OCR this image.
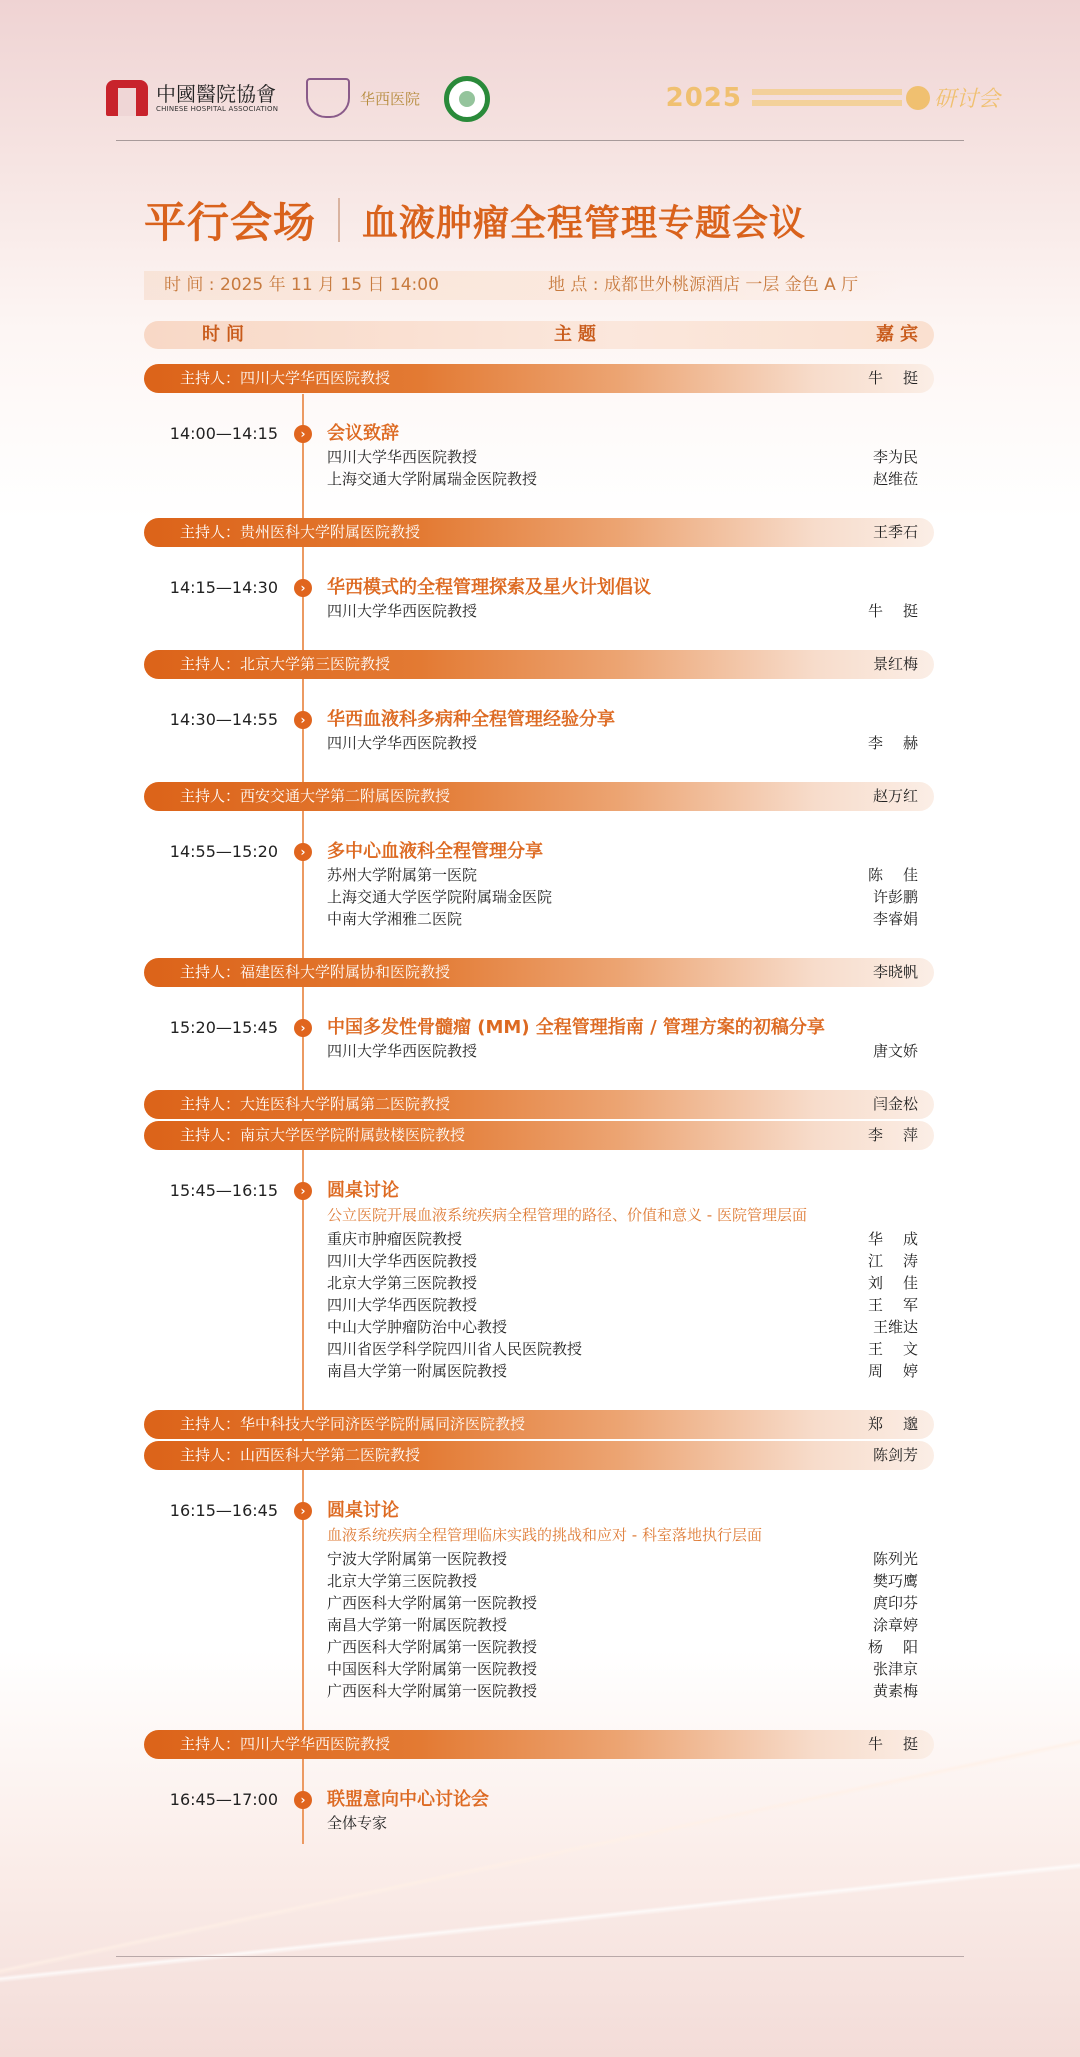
中國醫院協會
CHINESE HOSPITAL ASSOCIATION
华西医院	2025	研讨会
平行会场 血液肿瘤全程管理专题会议
时 间 : 2025 年 11 月 15 日 14:00	地 点 : 成都世外桃源酒店 一层 金色 A 厅
时间	主题	嘉宾
主持人：四川大学华西医院教授	牛 挺
14:00—14:15	›	会议致辞
四川大学华西医院教授	李为民
上海交通大学附属瑞金医院教授	赵维莅
主持人：贵州医科大学附属医院教授	王季石
14:15—14:30	›	华西模式的全程管理探索及星火计划倡议
四川大学华西医院教授	牛 挺
主持人：北京大学第三医院教授	景红梅
14:30—14:55	›	华西血液科多病种全程管理经验分享
四川大学华西医院教授	李 赫
主持人：西安交通大学第二附属医院教授	赵万红
14:55—15:20	›	多中心血液科全程管理分享
苏州大学附属第一医院	陈 佳
上海交通大学医学院附属瑞金医院	许彭鹏
中南大学湘雅二医院	李睿娟
主持人：福建医科大学附属协和医院教授	李晓帆
15:20—15:45	›	中国多发性骨髓瘤 (MM) 全程管理指南 / 管理方案的初稿分享
四川大学华西医院教授	唐文娇
主持人：大连医科大学附属第二医院教授	闫金松
主持人：南京大学医学院附属鼓楼医院教授	李 萍
15:45—16:15	›	圆桌讨论
公立医院开展血液系统疾病全程管理的路径、价值和意义 - 医院管理层面
重庆市肿瘤医院教授	华 成
四川大学华西医院教授	江 涛
北京大学第三医院教授	刘 佳
四川大学华西医院教授	王 军
中山大学肿瘤防治中心教授	王维达
四川省医学科学院四川省人民医院教授	王 文
南昌大学第一附属医院教授	周 婷
主持人：华中科技大学同济医学院附属同济医院教授	郑 邈
主持人：山西医科大学第二医院教授	陈剑芳
16:15—16:45	›	圆桌讨论
血液系统疾病全程管理临床实践的挑战和应对 - 科室落地执行层面
宁波大学附属第一医院教授	陈列光
北京大学第三医院教授	樊巧鹰
广西医科大学附属第一医院教授	庹印芬
南昌大学第一附属医院教授	涂章婷
广西医科大学附属第一医院教授	杨 阳
中国医科大学附属第一医院教授	张津京
广西医科大学附属第一医院教授	黄素梅
主持人：四川大学华西医院教授	牛 挺
16:45—17:00	›	联盟意向中心讨论会
全体专家
